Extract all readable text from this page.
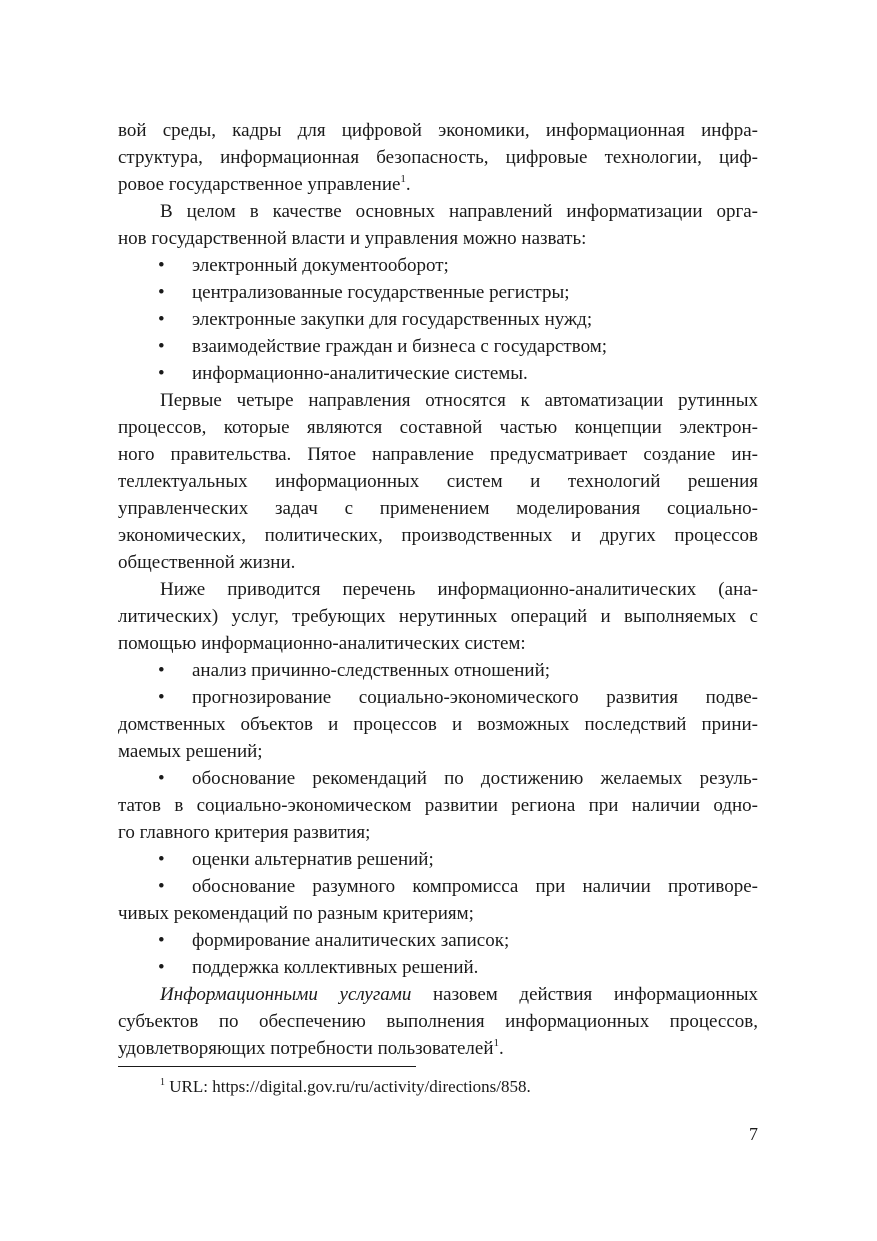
вой среды, кадры для цифровой экономики, информационная инфра-
структура, информационная безопасность, цифровые технологии, циф-
ровое государственное управление$^1$.
В целом в качестве основных направлений информатизации орга-
нов государственной власти и управления можно назвать:
• электронный документооборот;
• централизованные государственные регистры;
• электронные закупки для государственных нужд;
• взаимодействие граждан и бизнеса с государством;
• информационно-аналитические системы.
Первые четыре направления относятся к автоматизации рутинных
процессов, которые являются составной частью концепции электрон-
ного правительства. Пятое направление предусматривает создание ин-
теллектуальных информационных систем и технологий решения
управленческих задач с применением моделирования социально-
экономических, политических, производственных и других процессов
общественной жизни.
Ниже приводится перечень информационно-аналитических (ана-
литических) услуг, требующих нерутинных операций и выполняемых с
помощью информационно-аналитических систем:
• анализ причинно-следственных отношений;
• прогнозирование социально-экономического развития подве-
домственных объектов и процессов и возможных последствий прини-
маемых решений;
• обоснование рекомендаций по достижению желаемых резуль-
татов в социально-экономическом развитии региона при наличии одно-
го главного критерия развития;
• оценки альтернатив решений;
• обоснование разумного компромисса при наличии противоре-
чивых рекомендаций по разным критериям;
• формирование аналитических записок;
• поддержка коллективных решений.
Информационными услугами назовем действия информационных
субъектов по обеспечению выполнения информационных процессов,
удовлетворяющих потребности пользователей$^1$.
$^1$ URL: https://digital.gov.ru/ru/activity/directions/858.
7
